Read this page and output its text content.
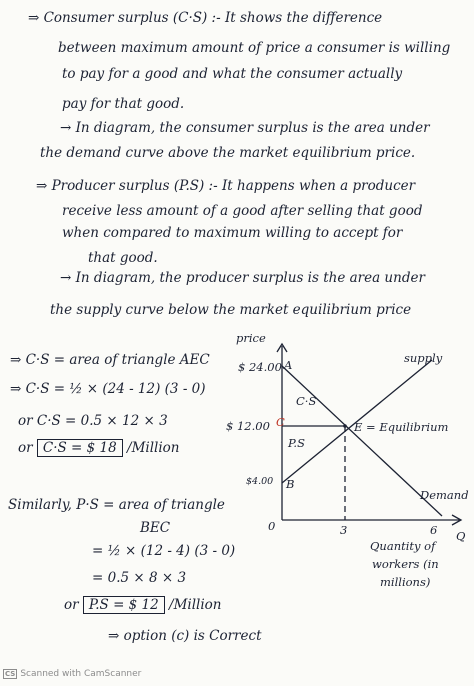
⇒ Consumer surplus (C·S) :- It shows the difference
between maximum amount of price a consumer is willing
to pay for a good and what the consumer actually
pay for that good.
→ In diagram, the consumer surplus is the area under
the demand curve above the market equilibrium price.
⇒ Producer surplus (P.S) :- It happens when a producer
receive less amount of a good after selling that good
when compared to maximum willing to accept for
that good.
→ In diagram, the producer surplus is the area under
the supply curve below the market equilibrium price
⇒ C·S = area of triangle AEC
⇒ C·S = ½ × (24 - 12) (3 - 0)
or C·S = 0.5 × 12 × 3
or C·S = $ 18 /Million
Similarly, P·S = area of triangle
BEC
= ½ × (12 - 4) (3 - 0)
= 0.5 × 8 × 3
or P.S = $ 12 /Million
⇒ option (c) is Correct
price
$ 24.00 A
$ 12.00 C
$4.00 B
C·S
P.S
E = Equilibrium
supply
Demand
0	3	6 Q
Quantity of
workers (in
millions)
CS Scanned with CamScanner
